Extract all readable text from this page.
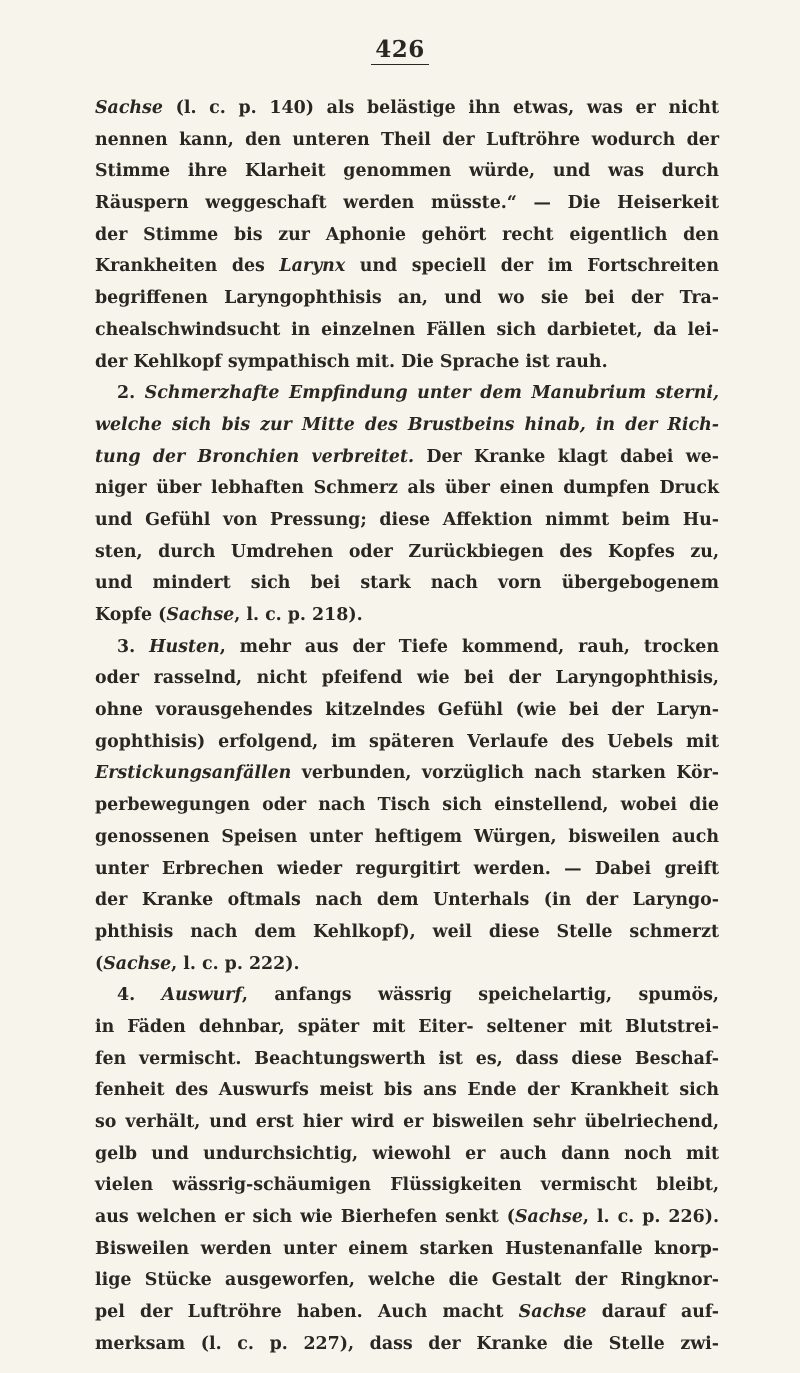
426
Sachse (l. c. p. 140) als belästige ihn etwas, was er nicht
nennen kann, den unteren Theil der Luftröhre wodurch der
Stimme ihre Klarheit genommen würde, und was durch
Räuspern weggeschaft werden müsste.“ — Die Heiserkeit
der Stimme bis zur Aphonie gehört recht eigentlich den
Krankheiten des Larynx und speciell der im Fortschreiten
begriffenen Laryngophthisis an, und wo sie bei der Tra-
chealschwindsucht in einzelnen Fällen sich darbietet, da lei-
der Kehlkopf sympathisch mit. Die Sprache ist rauh.
2. Schmerzhafte Empfindung unter dem Manubrium sterni,
welche sich bis zur Mitte des Brustbeins hinab, in der Rich-
tung der Bronchien verbreitet. Der Kranke klagt dabei we-
niger über lebhaften Schmerz als über einen dumpfen Druck
und Gefühl von Pressung; diese Affektion nimmt beim Hu-
sten, durch Umdrehen oder Zurückbiegen des Kopfes zu,
und mindert sich bei stark nach vorn übergebogenem
Kopfe (Sachse, l. c. p. 218).
3. Husten, mehr aus der Tiefe kommend, rauh, trocken
oder rasselnd, nicht pfeifend wie bei der Laryngophthisis,
ohne vorausgehendes kitzelndes Gefühl (wie bei der Laryn-
gophthisis) erfolgend, im späteren Verlaufe des Uebels mit
Erstickungsanfällen verbunden, vorzüglich nach starken Kör-
perbewegungen oder nach Tisch sich einstellend, wobei die
genossenen Speisen unter heftigem Würgen, bisweilen auch
unter Erbrechen wieder regurgitirt werden. — Dabei greift
der Kranke oftmals nach dem Unterhals (in der Laryngo-
phthisis nach dem Kehlkopf), weil diese Stelle schmerzt
(Sachse, l. c. p. 222).
4. Auswurf, anfangs wässrig speichelartig, spumös,
in Fäden dehnbar, später mit Eiter- seltener mit Blutstrei-
fen vermischt. Beachtungswerth ist es, dass diese Beschaf-
fenheit des Auswurfs meist bis ans Ende der Krankheit sich
so verhält, und erst hier wird er bisweilen sehr übelriechend,
gelb und undurchsichtig, wiewohl er auch dann noch mit
vielen wässrig-schäumigen Flüssigkeiten vermischt bleibt,
aus welchen er sich wie Bierhefen senkt (Sachse, l. c. p. 226).
Bisweilen werden unter einem starken Hustenanfalle knorp-
lige Stücke ausgeworfen, welche die Gestalt der Ringknor-
pel der Luftröhre haben. Auch macht Sachse darauf auf-
merksam (l. c. p. 227), dass der Kranke die Stelle zwi-
